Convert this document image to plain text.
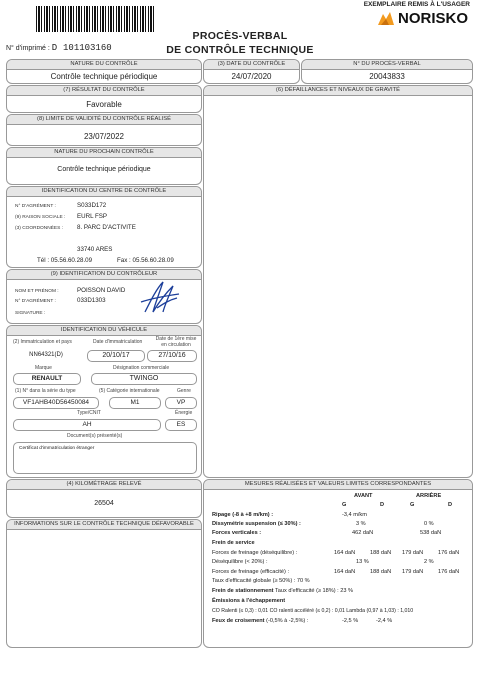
PROCÈS-VERBAL
DE CONTRÔLE TECHNIQUE
EXEMPLAIRE REMIS À L'USAGER
NORISKO
N° d'imprimé : D 101103160
NATURE DU CONTRÔLE
Contrôle technique périodique
(3) DATE DU CONTRÔLE
24/07/2020
N° DU PROCÈS-VERBAL
20043833
(7) RÉSULTAT DU CONTRÔLE
Favorable
(8) LIMITE DE VALIDITÉ DU CONTRÔLE RÉALISÉ
23/07/2022
NATURE DU PROCHAIN CONTRÔLE
Contrôle technique périodique
(6) DÉFAILLANCES ET NIVEAUX DE GRAVITÉ
IDENTIFICATION DU CENTRE DE CONTRÔLE
N° D'AGRÉMENT :	S033D172
(9) RAISON SOCIALE : EURL FSP
(3) COORDONNÉES : 8. PARC D'ACTIVITE
33740 ARES
Tél : 05.56.60.28.09	Fax : 05.56.60.28.09
(9) IDENTIFICATION DU CONTRÔLEUR
NOM ET PRÉNOM :	POISSON DAVID
N° D'AGRÉMENT :	033D1303
SIGNATURE :
IDENTIFICATION DU VÉHICULE
(2) Immatriculation et pays	Date d'immatriculation	Date de 1ère mise en circulation
NN64321(D)	20/10/17	27/10/16
Marque	Désignation commerciale
RENAULT	TWINGO
(1) N° dans la série du type	(5) Catégorie internationale	Genre
VF1AHB40D56450084	M1	VP
Type/CNIT	Énergie
AH	ES
Document(s) présenté(s)
Certificat d'immatriculation étranger
(4) KILOMÉTRAGE RELEVÉ
26504
INFORMATIONS SUR LE CONTRÔLE TECHNIQUE DÉFAVORABLE
MESURES RÉALISÉES ET VALEURS LIMITES CORRESPONDANTES
AVANT	ARRIÈRE
G	D	G	D
Ripage (-8 à +8 m/km) :	-3,4 m/km
Dissymétrie suspension (≤ 30%) :	3 %	0 %
Forces verticales :	462 daN	538 daN
Frein de service
Forces de freinage (déséquilibre) :	164 daN	188 daN 179 daN	176 daN
Déséquilibre (< 20%) :	13 %	2 %
Forces de freinage (efficacité) :	164 daN	188 daN 179 daN	176 daN
Taux d'efficacité globale (≥ 50%) : 70 %
Frein de stationnement Taux d'efficacité (≥ 18%) : 23 %
Émissions à l'échappement
CO Ralenti (≤ 0,3) : 0,01 CO ralenti accéléré (≤ 0,2) : 0,01 Lambda (0,97 à 1,03) : 1,010
Feux de croisement (-0,5% à -2,5%) :	-2,5 %	-2,4 %
